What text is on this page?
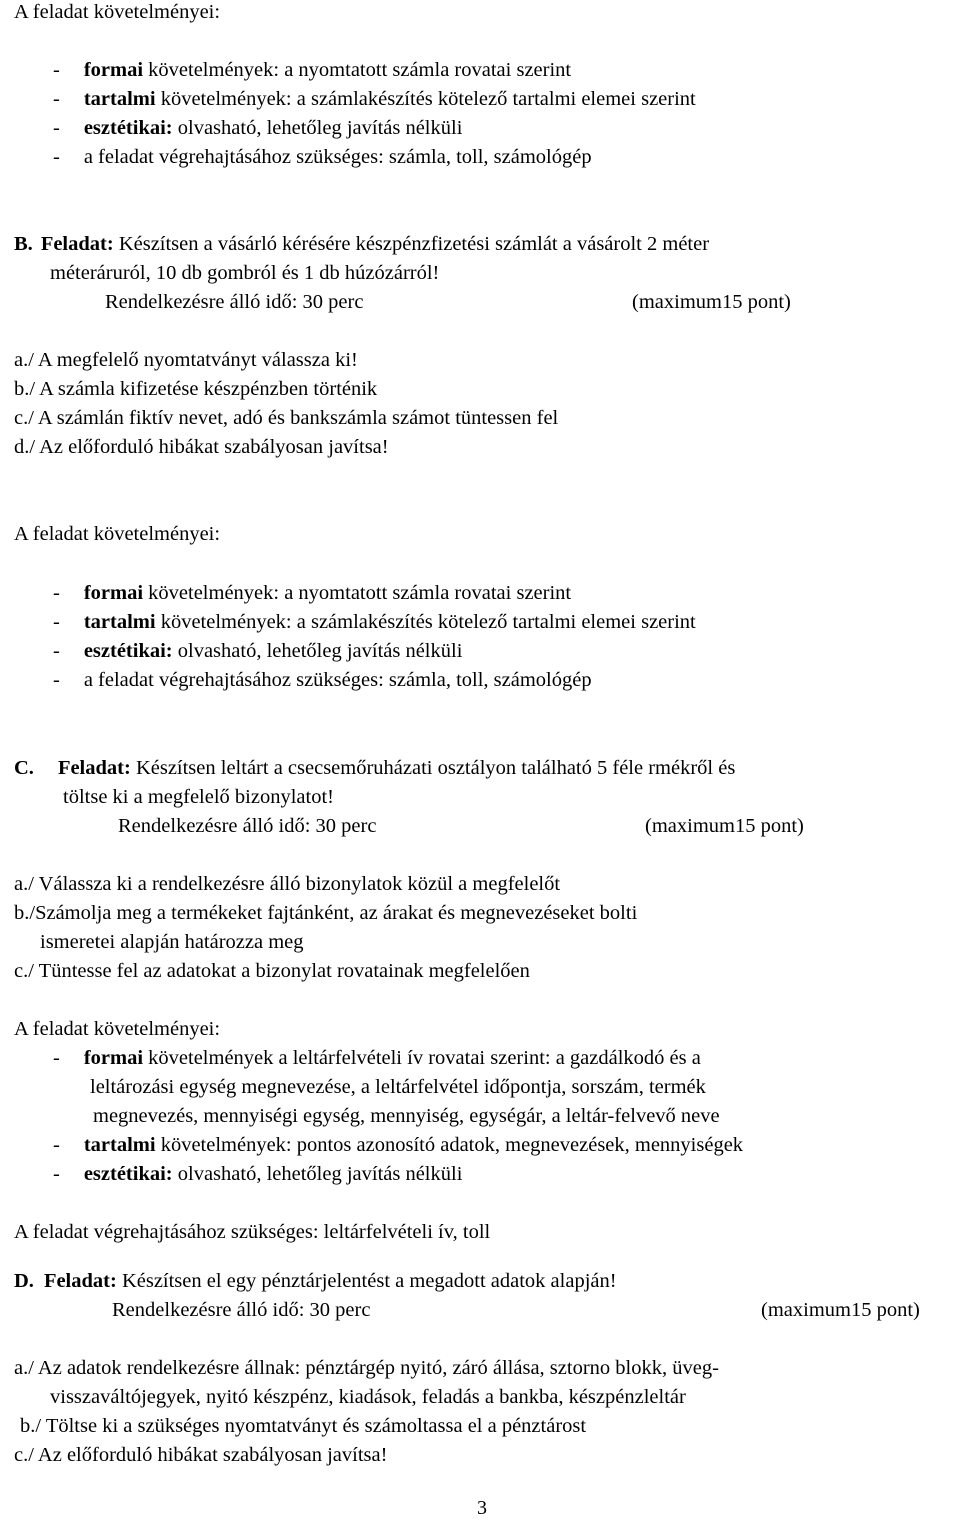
A feladat követelményei:
- formai követelmények: a nyomtatott számla rovatai szerint
- tartalmi követelmények: a számlakészítés kötelező tartalmi elemei szerint
- esztétikai: olvasható, lehetőleg javítás nélküli
- a feladat végrehajtásához szükséges: számla, toll, számológép
B. Feladat: Készítsen a vásárló kérésére készpénzfizetési számlát a vásárolt 2 méter
méteráruról, 10 db gombról és 1 db húzózárról!
Rendelkezésre álló idő: 30 perc	(maximum15 pont)
a./ A megfelelő nyomtatványt válassza ki!
b./ A számla kifizetése készpénzben történik
c./ A számlán fiktív nevet, adó és bankszámla számot tüntessen fel
d./ Az előforduló hibákat szabályosan javítsa!
A feladat követelményei:
- formai követelmények: a nyomtatott számla rovatai szerint
- tartalmi követelmények: a számlakészítés kötelező tartalmi elemei szerint
- esztétikai: olvasható, lehetőleg javítás nélküli
- a feladat végrehajtásához szükséges: számla, toll, számológép
C. Feladat: Készítsen leltárt a csecsemőruházati osztályon található 5 féle rmékről és
töltse ki a megfelelő bizonylatot!
Rendelkezésre álló idő: 30 perc	(maximum15 pont)
a./ Válassza ki a rendelkezésre álló bizonylatok közül a megfelelőt
b./Számolja meg a termékeket fajtánként, az árakat és megnevezéseket bolti
ismeretei alapján határozza meg
c./ Tüntesse fel az adatokat a bizonylat rovatainak megfelelően
A feladat követelményei:
- formai követelmények a leltárfelvételi ív rovatai szerint: a gazdálkodó és a
leltározási egység megnevezése, a leltárfelvétel időpontja, sorszám, termék
megnevezés, mennyiségi egység, mennyiség, egységár, a leltár-felvevő neve
- tartalmi követelmények: pontos azonosító adatok, megnevezések, mennyiségek
- esztétikai: olvasható, lehetőleg javítás nélküli
A feladat végrehajtásához szükséges: leltárfelvételi ív, toll
D. Feladat: Készítsen el egy pénztárjelentést a megadott adatok alapján!
Rendelkezésre álló idő: 30 perc	(maximum15 pont)
a./ Az adatok rendelkezésre állnak: pénztárgép nyitó, záró állása, sztorno blokk, üveg-
visszaváltójegyek, nyitó készpénz, kiadások, feladás a bankba, készpénzleltár
b./ Töltse ki a szükséges nyomtatványt és számoltassa el a pénztárost
c./ Az előforduló hibákat szabályosan javítsa!
3
